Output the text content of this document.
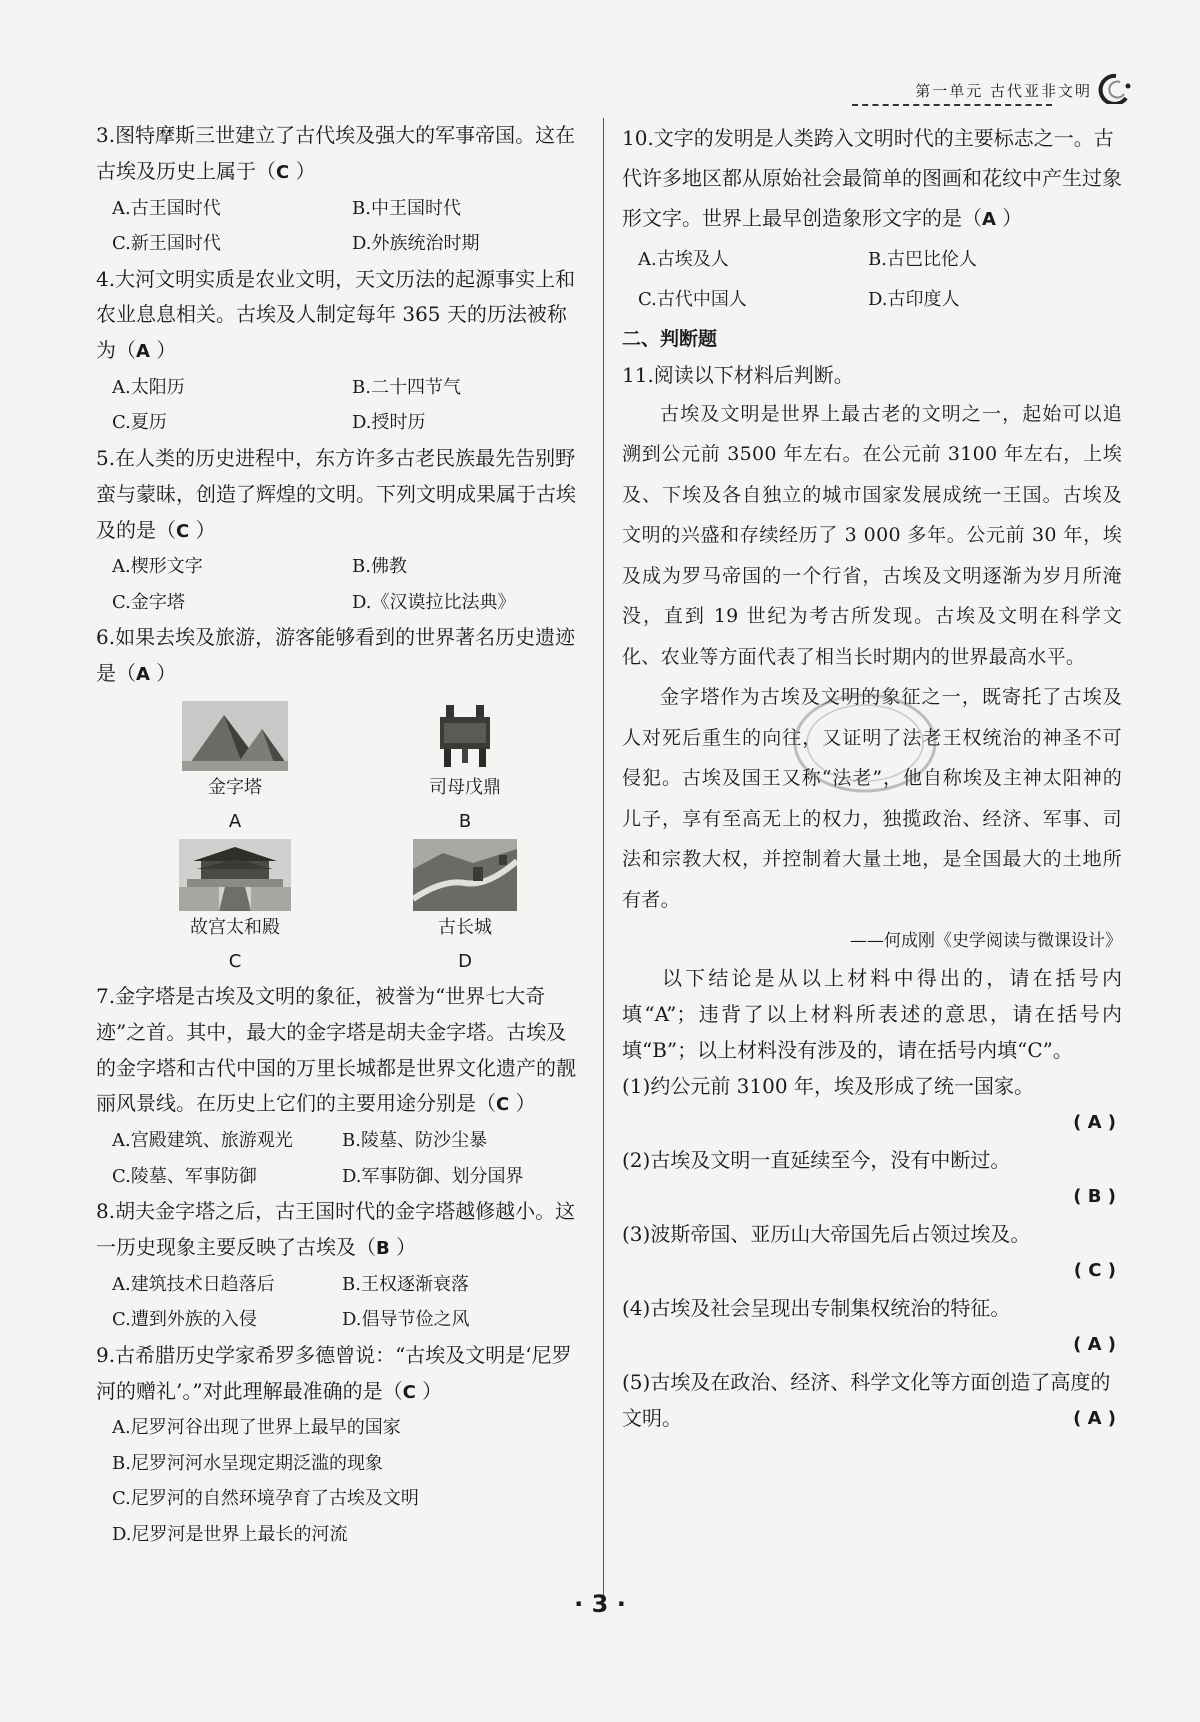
第一单元 古代亚非文明

3.图特摩斯三世建立了古代埃及强大的军事帝国。这在古埃及历史上属于（C ）

A.古王国时代	B.中王国时代
C.新王国时代	D.外族统治时期

4.大河文明实质是农业文明，天文历法的起源事实上和农业息息相关。古埃及人制定每年 365 天的历法被称为（A ）

A.太阳历	B.二十四节气
C.夏历	D.授时历

5.在人类的历史进程中，东方许多古老民族最先告别野蛮与蒙昧，创造了辉煌的文明。下列文明成果属于古埃及的是（C ）

A.楔形文字	B.佛教
C.金字塔	D.《汉谟拉比法典》

6.如果去埃及旅游，游客能够看到的世界著名历史遗迹是（A ）

金字塔
A
司母戊鼎
B
故宫太和殿
C
古长城
D

7.金字塔是古埃及文明的象征，被誉为“世界七大奇迹”之首。其中，最大的金字塔是胡夫金字塔。古埃及的金字塔和古代中国的万里长城都是世界文化遗产的靓丽风景线。在历史上它们的主要用途分别是（C ）

A.宫殿建筑、旅游观光	B.陵墓、防沙尘暴
C.陵墓、军事防御	D.军事防御、划分国界

8.胡夫金字塔之后，古王国时代的金字塔越修越小。这一历史现象主要反映了古埃及（B ）

A.建筑技术日趋落后	B.王权逐渐衰落
C.遭到外族的入侵	D.倡导节俭之风

9.古希腊历史学家希罗多德曾说：“古埃及文明是‘尼罗河的赠礼’。”对此理解最准确的是（C ）

A.尼罗河谷出现了世界上最早的国家
B.尼罗河河水呈现定期泛滥的现象
C.尼罗河的自然环境孕育了古埃及文明
D.尼罗河是世界上最长的河流

10.文字的发明是人类跨入文明时代的主要标志之一。古代许多地区都从原始社会最简单的图画和花纹中产生过象形文字。世界上最早创造象形文字的是（A ）

A.古埃及人	B.古巴比伦人
C.古代中国人	D.古印度人
二、判断题

11.阅读以下材料后判断。

古埃及文明是世界上最古老的文明之一，起始可以追溯到公元前 3500 年左右。在公元前 3100 年左右，上埃及、下埃及各自独立的城市国家发展成统一王国。古埃及文明的兴盛和存续经历了 3 000 多年。公元前 30 年，埃及成为罗马帝国的一个行省，古埃及文明逐渐为岁月所淹没，直到 19 世纪为考古所发现。古埃及文明在科学文化、农业等方面代表了相当长时期内的世界最高水平。

金字塔作为古埃及文明的象征之一，既寄托了古埃及人对死后重生的向往，又证明了法老王权统治的神圣不可侵犯。古埃及国王又称“法老”，他自称埃及主神太阳神的儿子，享有至高无上的权力，独揽政治、经济、军事、司法和宗教大权，并控制着大量土地，是全国最大的土地所有者。

——何成刚《史学阅读与微课设计》

以下结论是从以上材料中得出的，请在括号内填“A”；违背了以上材料所表述的意思，请在括号内填“B”；以上材料没有涉及的，请在括号内填“C”。

(1)约公元前 3100 年，埃及形成了统一国家。

( A )

(2)古埃及文明一直延续至今，没有中断过。

( B )

(3)波斯帝国、亚历山大帝国先后占领过埃及。

( C )

(4)古埃及社会呈现出专制集权统治的特征。

( A )

(5)古埃及在政治、经济、科学文化等方面创造了高度的文明。	( A )
· 3 ·
